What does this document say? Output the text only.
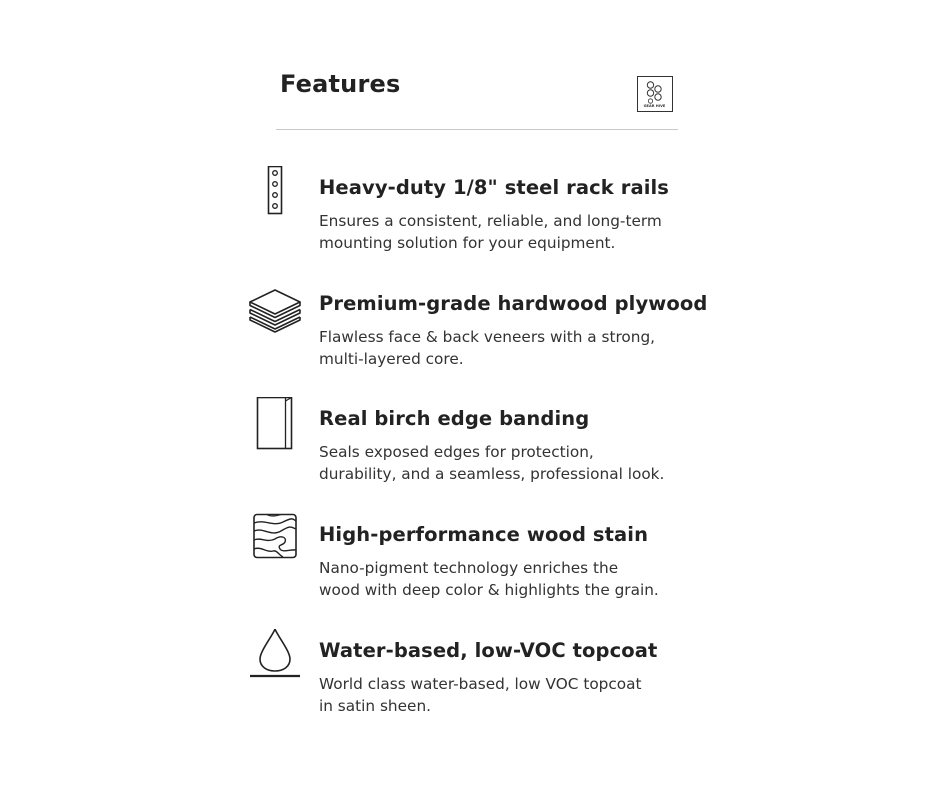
Features
GEAR HIVE
Heavy-duty 1/8" steel rack rails

Ensures a consistent, reliable, and long-term
mounting solution for your equipment.

Premium-grade hardwood plywood

Flawless face & back veneers with a strong,
multi-layered core.

Real birch edge banding

Seals exposed edges for protection,
durability, and a seamless, professional look.

High-performance wood stain

Nano-pigment technology enriches the
wood with deep color & highlights the grain.

Water-based, low-VOC topcoat

World class water-based, low VOC topcoat
in satin sheen.
